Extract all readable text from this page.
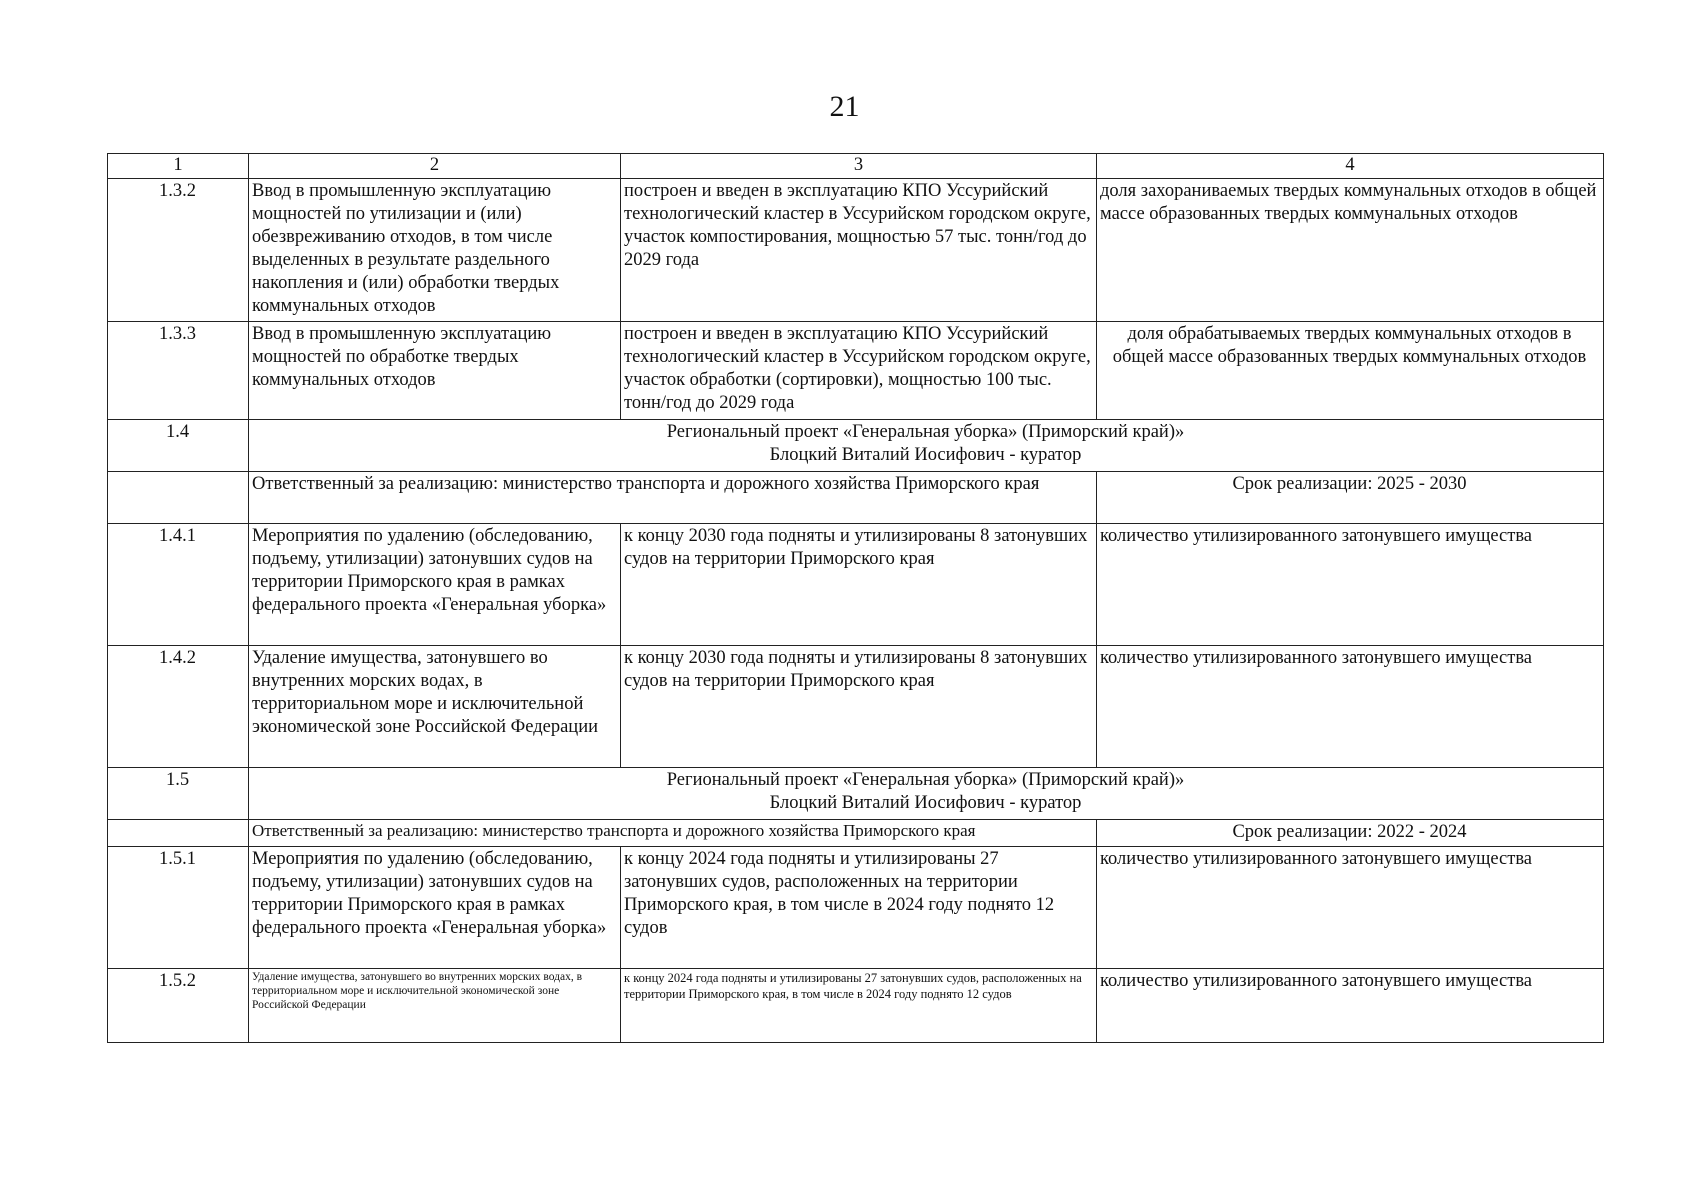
21
1	2	3	4
1.3.2	Ввод в промышленную эксплуатацию мощностей по утилизации и (или) обезвреживанию отходов, в том числе выделенных в результате раздельного накопления и (или) обработки твердых коммунальных отходов	построен и введен в эксплуатацию КПО Уссурийский технологический кластер в Уссурийском городском округе, участок компостирования, мощностью 57 тыс. тонн/год до 2029 года	доля захораниваемых твердых коммунальных отходов в общей массе образованных твердых коммунальных отходов
1.3.3	Ввод в промышленную эксплуатацию мощностей по обработке твердых коммунальных отходов	построен и введен в эксплуатацию КПО Уссурийский технологический кластер в Уссурийском городском округе, участок обработки (сортировки), мощностью 100 тыс. тонн/год до 2029 года	доля обрабатываемых твердых коммунальных отходов в общей массе образованных твердых коммунальных отходов
1.4	Региональный проект «Генеральная уборка» (Приморский край)»
Блоцкий Виталий Иосифович - куратор		

	Ответственный за реализацию: министерство транспорта и дорожного хозяйства Приморского края		Срок реализации: 2025 - 2030
1.4.1	Мероприятия по удалению (обследованию, подъему, утилизации) затонувших судов на территории Приморского края в рамках федерального проекта «Генеральная уборка»	к концу 2030 года подняты и утилизированы 8 затонувших судов на территории Приморского края	количество утилизированного затонувшего имущества
1.4.2	Удаление имущества, затонувшего во внутренних морских водах, в территориальном море и исключительной экономической зоне Российской Федерации	к концу 2030 года подняты и утилизированы 8 затонувших судов на территории Приморского края	количество утилизированного затонувшего имущества
1.5	Региональный проект «Генеральная уборка» (Приморский край)»
Блоцкий Виталий Иосифович - куратор		

	Ответственный за реализацию: министерство транспорта и дорожного хозяйства Приморского края		Срок реализации: 2022 - 2024
1.5.1	Мероприятия по удалению (обследованию, подъему, утилизации) затонувших судов на территории Приморского края в рамках федерального проекта «Генеральная уборка»	к концу 2024 года подняты и утилизированы 27 затонувших судов, расположенных на территории Приморского края, в том числе в 2024 году поднято 12 судов	количество утилизированного затонувшего имущества
1.5.2	Удаление имущества, затонувшего во внутренних морских водах, в территориальном море и исключительной экономической зоне Российской Федерации	к концу 2024 года подняты и утилизированы 27 затонувших судов, расположенных на территории Приморского края, в том числе в 2024 году поднято 12 судов	количество утилизированного затонувшего имущества
